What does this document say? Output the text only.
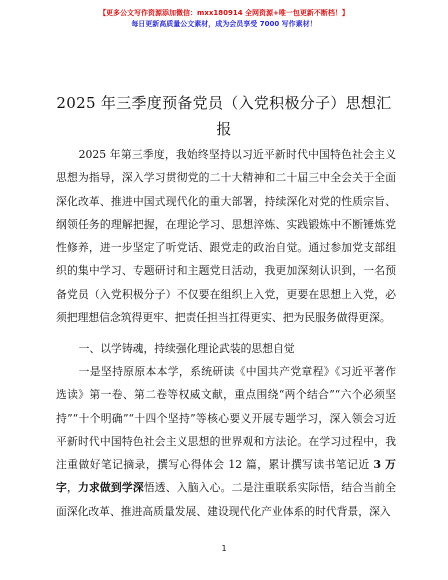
【更多公文写作资源添加微信：mxx180914 全网资源+唯一包更新不断档！】
每日更新高质量公文素材，成为会员享受 7000 写作素材！
2025 年三季度预备党员（入党积极分子）思想汇报
2025 年第三季度，我始终坚持以习近平新时代中国特色社会主义思想为指导，深入学习贯彻党的二十大精神和二十届三中全会关于全面深化改革、推进中国式现代化的重大部署，持续深化对党的性质宗旨、纲领任务的理解把握，在理论学习、思想淬炼、实践锻炼中不断锤炼党性修养，进一步坚定了听党话、跟党走的政治自觉。通过参加党支部组织的集中学习、专题研讨和主题党日活动，我更加深刻认识到，一名预备党员（入党积极分子）不仅要在组织上入党，更要在思想上入党，必须把理想信念筑得更牢、把责任担当扛得更实、把为民服务做得更深。
一、以学铸魂，持续强化理论武装的思想自觉
一是坚持原原本本学，系统研读《中国共产党章程》《习近平著作选读》第一卷、第二卷等权威文献，重点围绕“两个结合”“六个必须坚持”“十个明确”“十四个坚持”等核心要义开展专题学习，深入领会习近平新时代中国特色社会主义思想的世界观和方法论。在学习过程中，我注重做好笔记摘录，撰写心得体会 12 篇，累计撰写读书笔记近 3 万字，力求做到学深悟透、入脑入心。二是注重联系实际悟，结合当前全面深化改革、推进高质量发展、建设现代化产业体系的时代背景，深入
1
